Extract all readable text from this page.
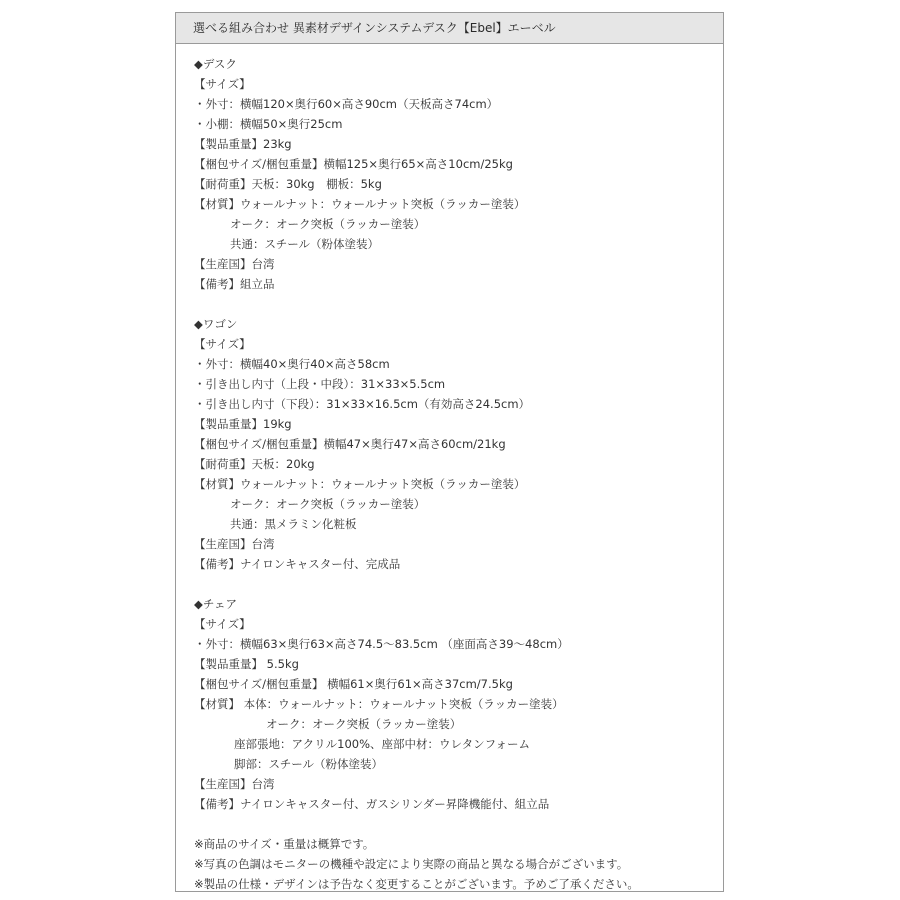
選べる組み合わせ 異素材デザインシステムデスク【Ebel】エーベル
◆デスク
【サイズ】
・外寸：横幅120×奥行60×高さ90cm（天板高さ74cm）
・小棚：横幅50×奥行25cm
【製品重量】23kg
【梱包サイズ/梱包重量】横幅125×奥行65×高さ10cm/25kg
【耐荷重】天板：30kg　棚板：5kg
【材質】ウォールナット：ウォールナット突板（ラッカー塗装）
オーク：オーク突板（ラッカー塗装）
共通：スチール（粉体塗装）
【生産国】台湾
【備考】組立品
◆ワゴン
【サイズ】
・外寸：横幅40×奥行40×高さ58cm
・引き出し内寸（上段・中段）：31×33×5.5cm
・引き出し内寸（下段）：31×33×16.5cm（有効高さ24.5cm）
【製品重量】19kg
【梱包サイズ/梱包重量】横幅47×奥行47×高さ60cm/21kg
【耐荷重】天板：20kg
【材質】ウォールナット：ウォールナット突板（ラッカー塗装）
オーク：オーク突板（ラッカー塗装）
共通：黒メラミン化粧板
【生産国】台湾
【備考】ナイロンキャスター付、完成品
◆チェア
【サイズ】
・外寸：横幅63×奥行63×高さ74.5～83.5cm （座面高さ39～48cm）
【製品重量】 5.5kg
【梱包サイズ/梱包重量】 横幅61×奥行61×高さ37cm/7.5kg
【材質】 本体：ウォールナット：ウォールナット突板（ラッカー塗装）
オーク：オーク突板（ラッカー塗装）
座部張地：アクリル100%、座部中材：ウレタンフォーム
脚部：スチール（粉体塗装）
【生産国】台湾
【備考】ナイロンキャスター付、ガスシリンダー昇降機能付、組立品
※商品のサイズ・重量は概算です。
※写真の色調はモニターの機種や設定により実際の商品と異なる場合がございます。
※製品の仕様・デザインは予告なく変更することがございます。予めご了承ください。
